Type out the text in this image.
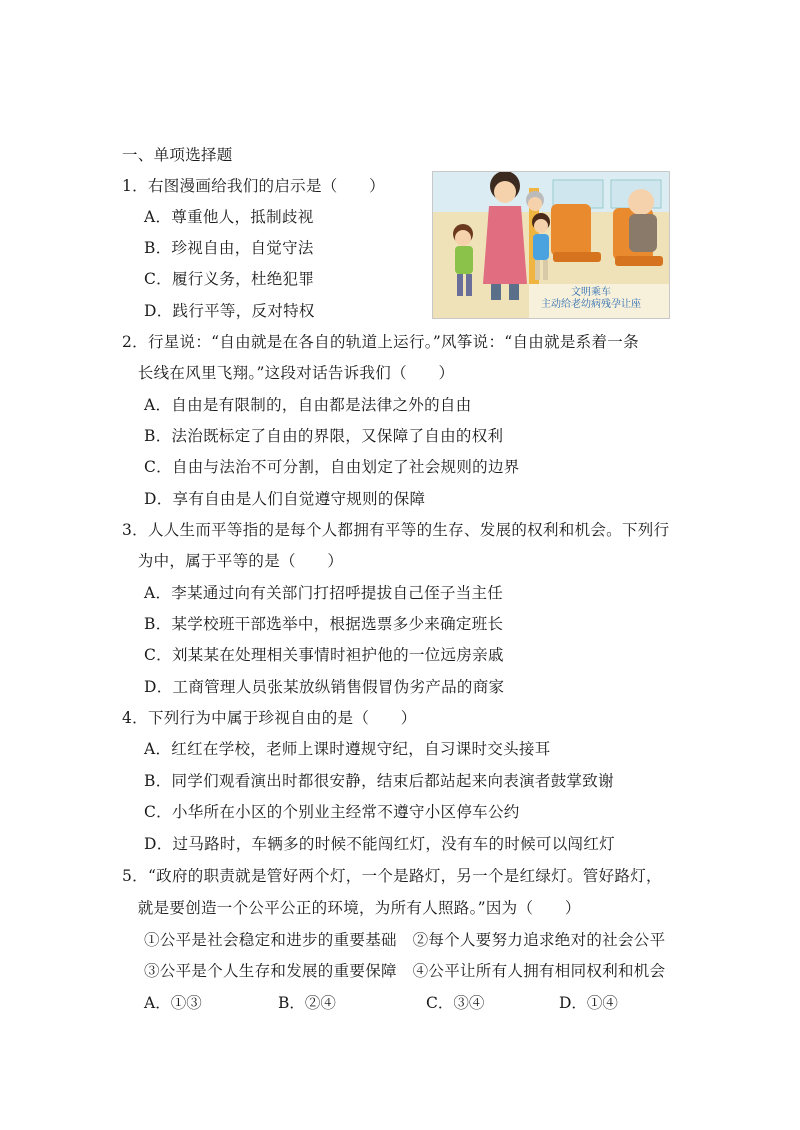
一、单项选择题
1．右图漫画给我们的启示是（　　）
A．尊重他人，抵制歧视
B．珍视自由，自觉守法
C．履行义务，杜绝犯罪
D．践行平等，反对特权
文明乘车
主动给老幼病残孕让座
2．行星说：“自由就是在各自的轨道上运行。”风筝说：“自由就是系着一条
　长线在风里飞翔。”这段对话告诉我们（　　）
A．自由是有限制的，自由都是法律之外的自由
B．法治既标定了自由的界限，又保障了自由的权利
C．自由与法治不可分割，自由划定了社会规则的边界
D．享有自由是人们自觉遵守规则的保障
3．人人生而平等指的是每个人都拥有平等的生存、发展的权利和机会。下列行
　为中，属于平等的是（　　）
A．李某通过向有关部门打招呼提拔自己侄子当主任
B．某学校班干部选举中，根据选票多少来确定班长
C．刘某某在处理相关事情时袒护他的一位远房亲戚
D．工商管理人员张某放纵销售假冒伪劣产品的商家
4．下列行为中属于珍视自由的是（　　）
A．红红在学校，老师上课时遵规守纪，自习课时交头接耳
B．同学们观看演出时都很安静，结束后都站起来向表演者鼓掌致谢
C．小华所在小区的个别业主经常不遵守小区停车公约
D．过马路时，车辆多的时候不能闯红灯，没有车的时候可以闯红灯
5．“政府的职责就是管好两个灯，一个是路灯，另一个是红绿灯。管好路灯，
　就是要创造一个公平公正的环境，为所有人照路。”因为（　　）
①公平是社会稳定和进步的重要基础　②每个人要努力追求绝对的社会公平
③公平是个人生存和发展的重要保障　④公平让所有人拥有相同权利和机会
A．①③	B．②④	C．③④	D．①④
